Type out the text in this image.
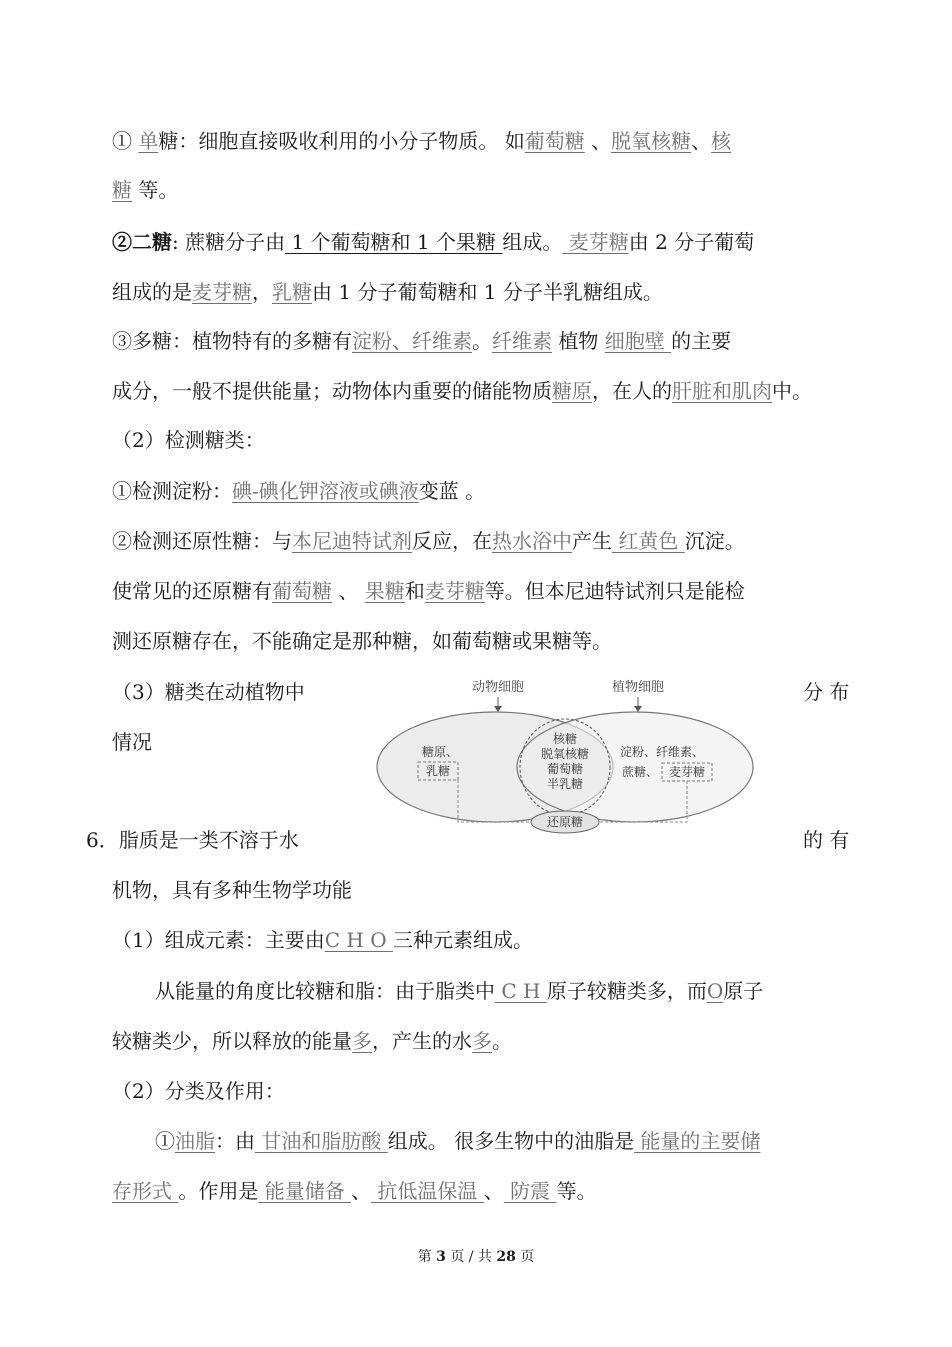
① 单糖：细胞直接吸收利用的小分子物质。 如葡萄糖 、脱氧核糖、核
糖 等。
②二糖: 蔗糖分子由 1 个葡萄糖和 1 个果糖 组成。 麦芽糖由 2 分子葡萄
组成的是麦芽糖，乳糖由 1 分子葡萄糖和 1 分子半乳糖组成。
③多糖：植物特有的多糖有淀粉、纤维素。纤维素 植物 细胞壁 的主要
成分，一般不提供能量；动物体内重要的储能物质糖原，在人的肝脏和肌肉中。
（2）检测糖类：
①检测淀粉：碘-碘化钾溶液或碘液变蓝 。
②检测还原性糖：与本尼迪特试剂反应，在热水浴中产生 红黄色 沉淀。
使常见的还原糖有葡萄糖 、 果糖和麦芽糖等。但本尼迪特试剂只是能检
测还原糖存在，不能确定是那种糖，如葡萄糖或果糖等。
（3）糖类在动植物中	分 布
情况
动物细胞	植物细胞
糖原、
乳糖
核糖
脱氧核糖
葡萄糖
半乳糖
淀粉、纤维素、
蔗糖、 麦芽糖
还原糖
6．脂质是一类不溶于水	的 有
机物，具有多种生物学功能
（1）组成元素：主要由C H O 三种元素组成。
从能量的角度比较糖和脂：由于脂类中 C H 原子较糖类多，而O原子
较糖类少，所以释放的能量多，产生的水多。
（2）分类及作用：
①油脂：由 甘油和脂肪酸 组成。 很多生物中的油脂是 能量的主要储
存形式 。作用是 能量储备 、 抗低温保温 、 防震 等。
第 3 页 / 共 28 页
